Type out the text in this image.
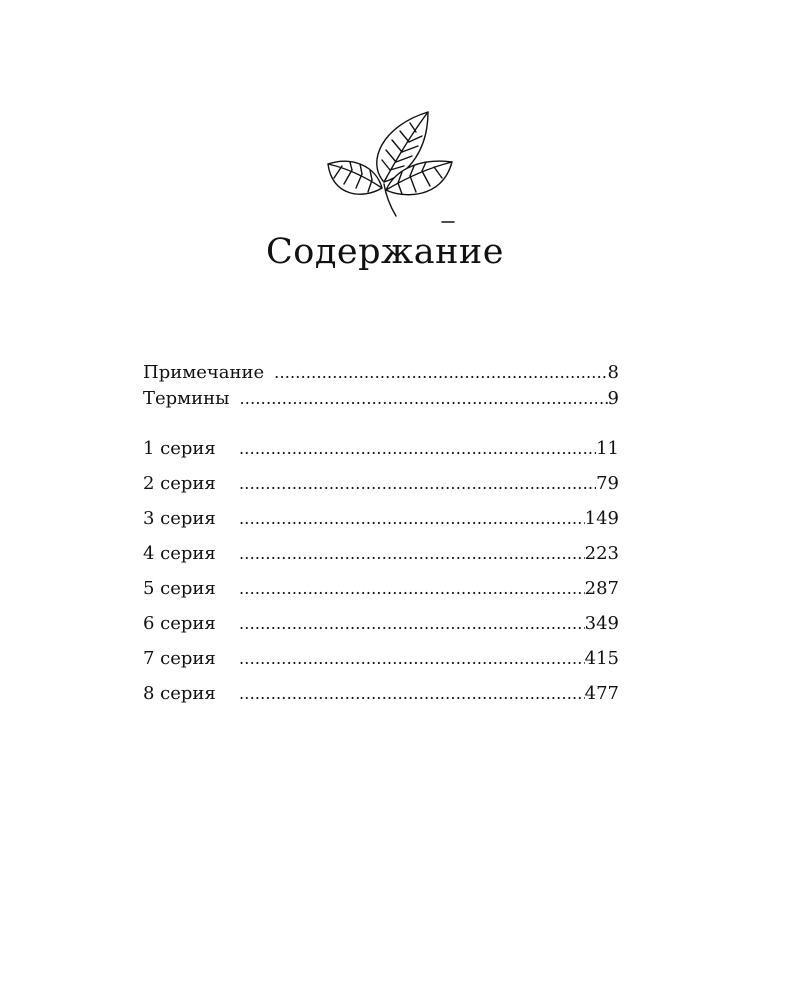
Содержание
Примечание .....	8
Термины .....	9
1 серия .....	11
2 серия .....	79
3 серия .....	149
4 серия .....	223
5 серия .....	287
6 серия .....	349
7 серия .....	415
8 серия .....	477
